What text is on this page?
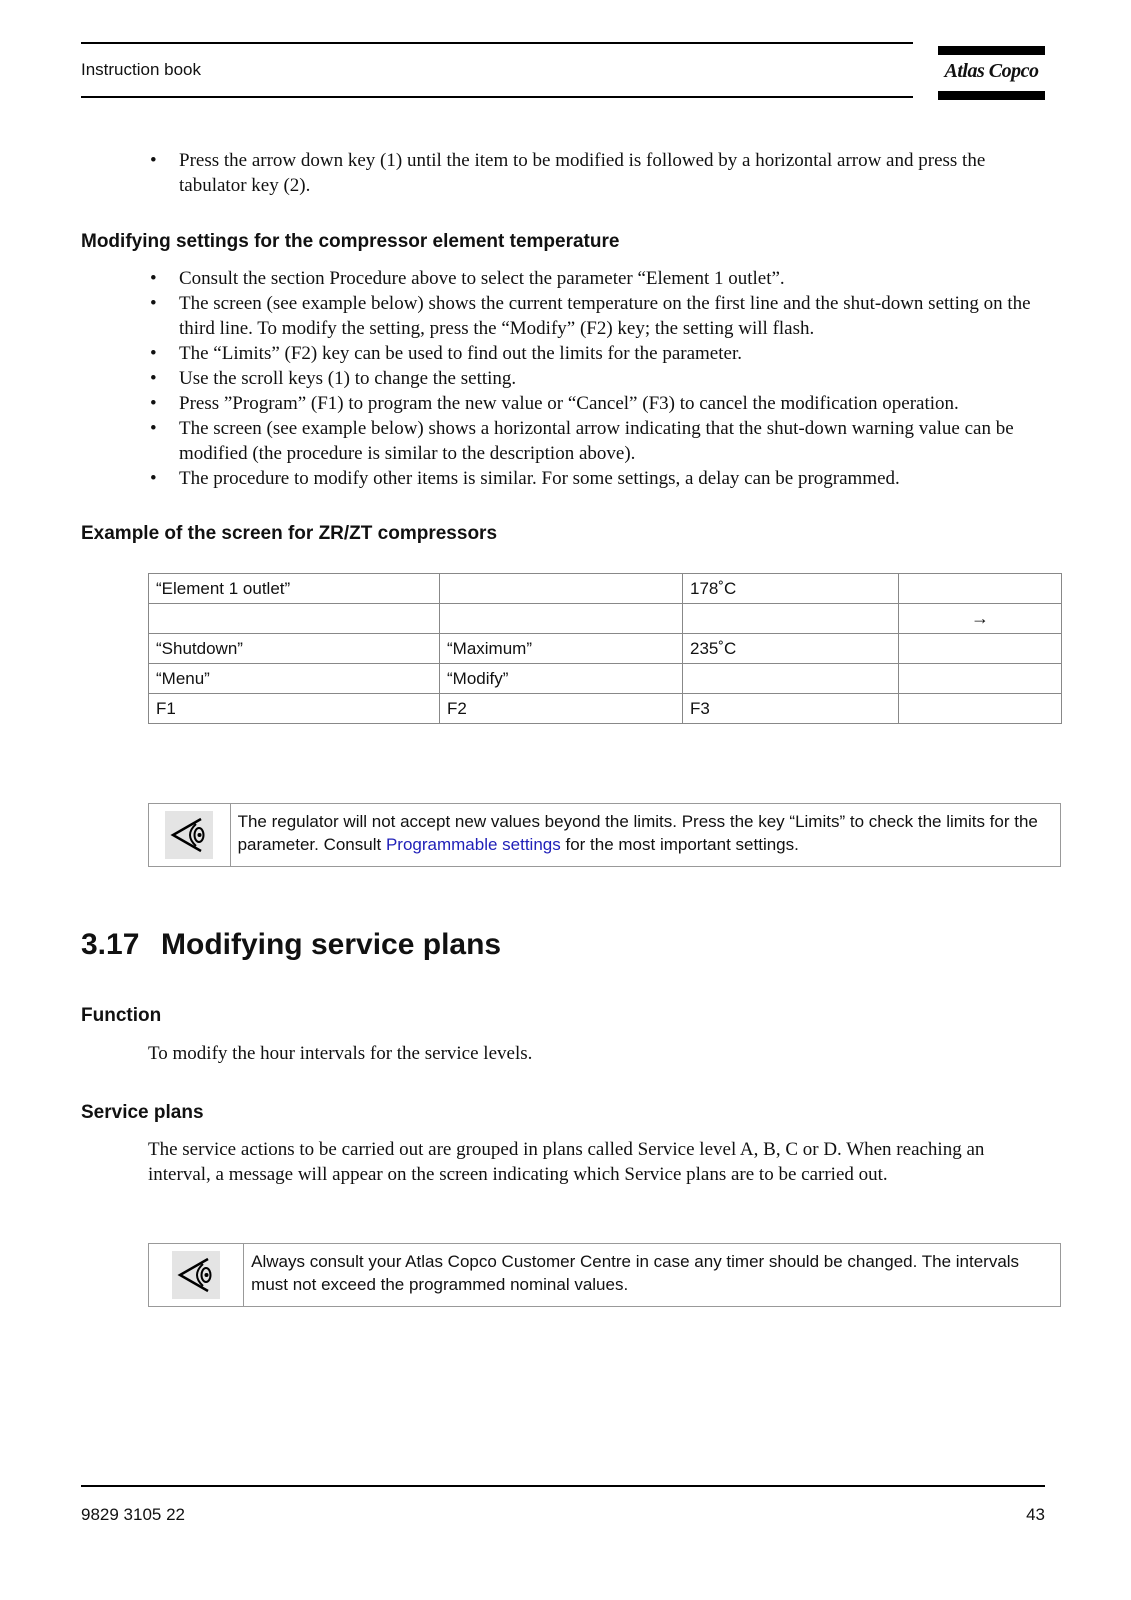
Instruction book	Atlas Copco
• Press the arrow down key (1) until the item to be modified is followed by a horizontal arrow and press the tabulator key (2).
Modifying settings for the compressor element temperature
• Consult the section Procedure above to select the parameter “Element 1 outlet”.
• The screen (see example below) shows the current temperature on the first line and the shut-down setting on the third line. To modify the setting, press the “Modify” (F2) key; the setting will flash.
• The “Limits” (F2) key can be used to find out the limits for the parameter.
• Use the scroll keys (1) to change the setting.
• Press ”Program” (F1) to program the new value or “Cancel” (F3) to cancel the modification operation.
• The screen (see example below) shows a horizontal arrow indicating that the shut-down warning value can be modified (the procedure is similar to the description above).
• The procedure to modify other items is similar. For some settings, a delay can be programmed.
Example of the screen for ZR/ZT compressors
“Element 1 outlet”		178˚C	
			→
“Shutdown”	“Maximum”	235˚C	
“Menu”	“Modify”		
F1	F2	F3	
The regulator will not accept new values beyond the limits. Press the key “Limits” to check the limits for the parameter. Consult Programmable settings for the most important settings.
3.17 Modifying service plans
Function
To modify the hour intervals for the service levels.
Service plans
The service actions to be carried out are grouped in plans called Service level A, B, C or D. When reaching an interval, a message will appear on the screen indicating which Service plans are to be carried out.
Always consult your Atlas Copco Customer Centre in case any timer should be changed. The intervals must not exceed the programmed nominal values.
9829 3105 22	43
